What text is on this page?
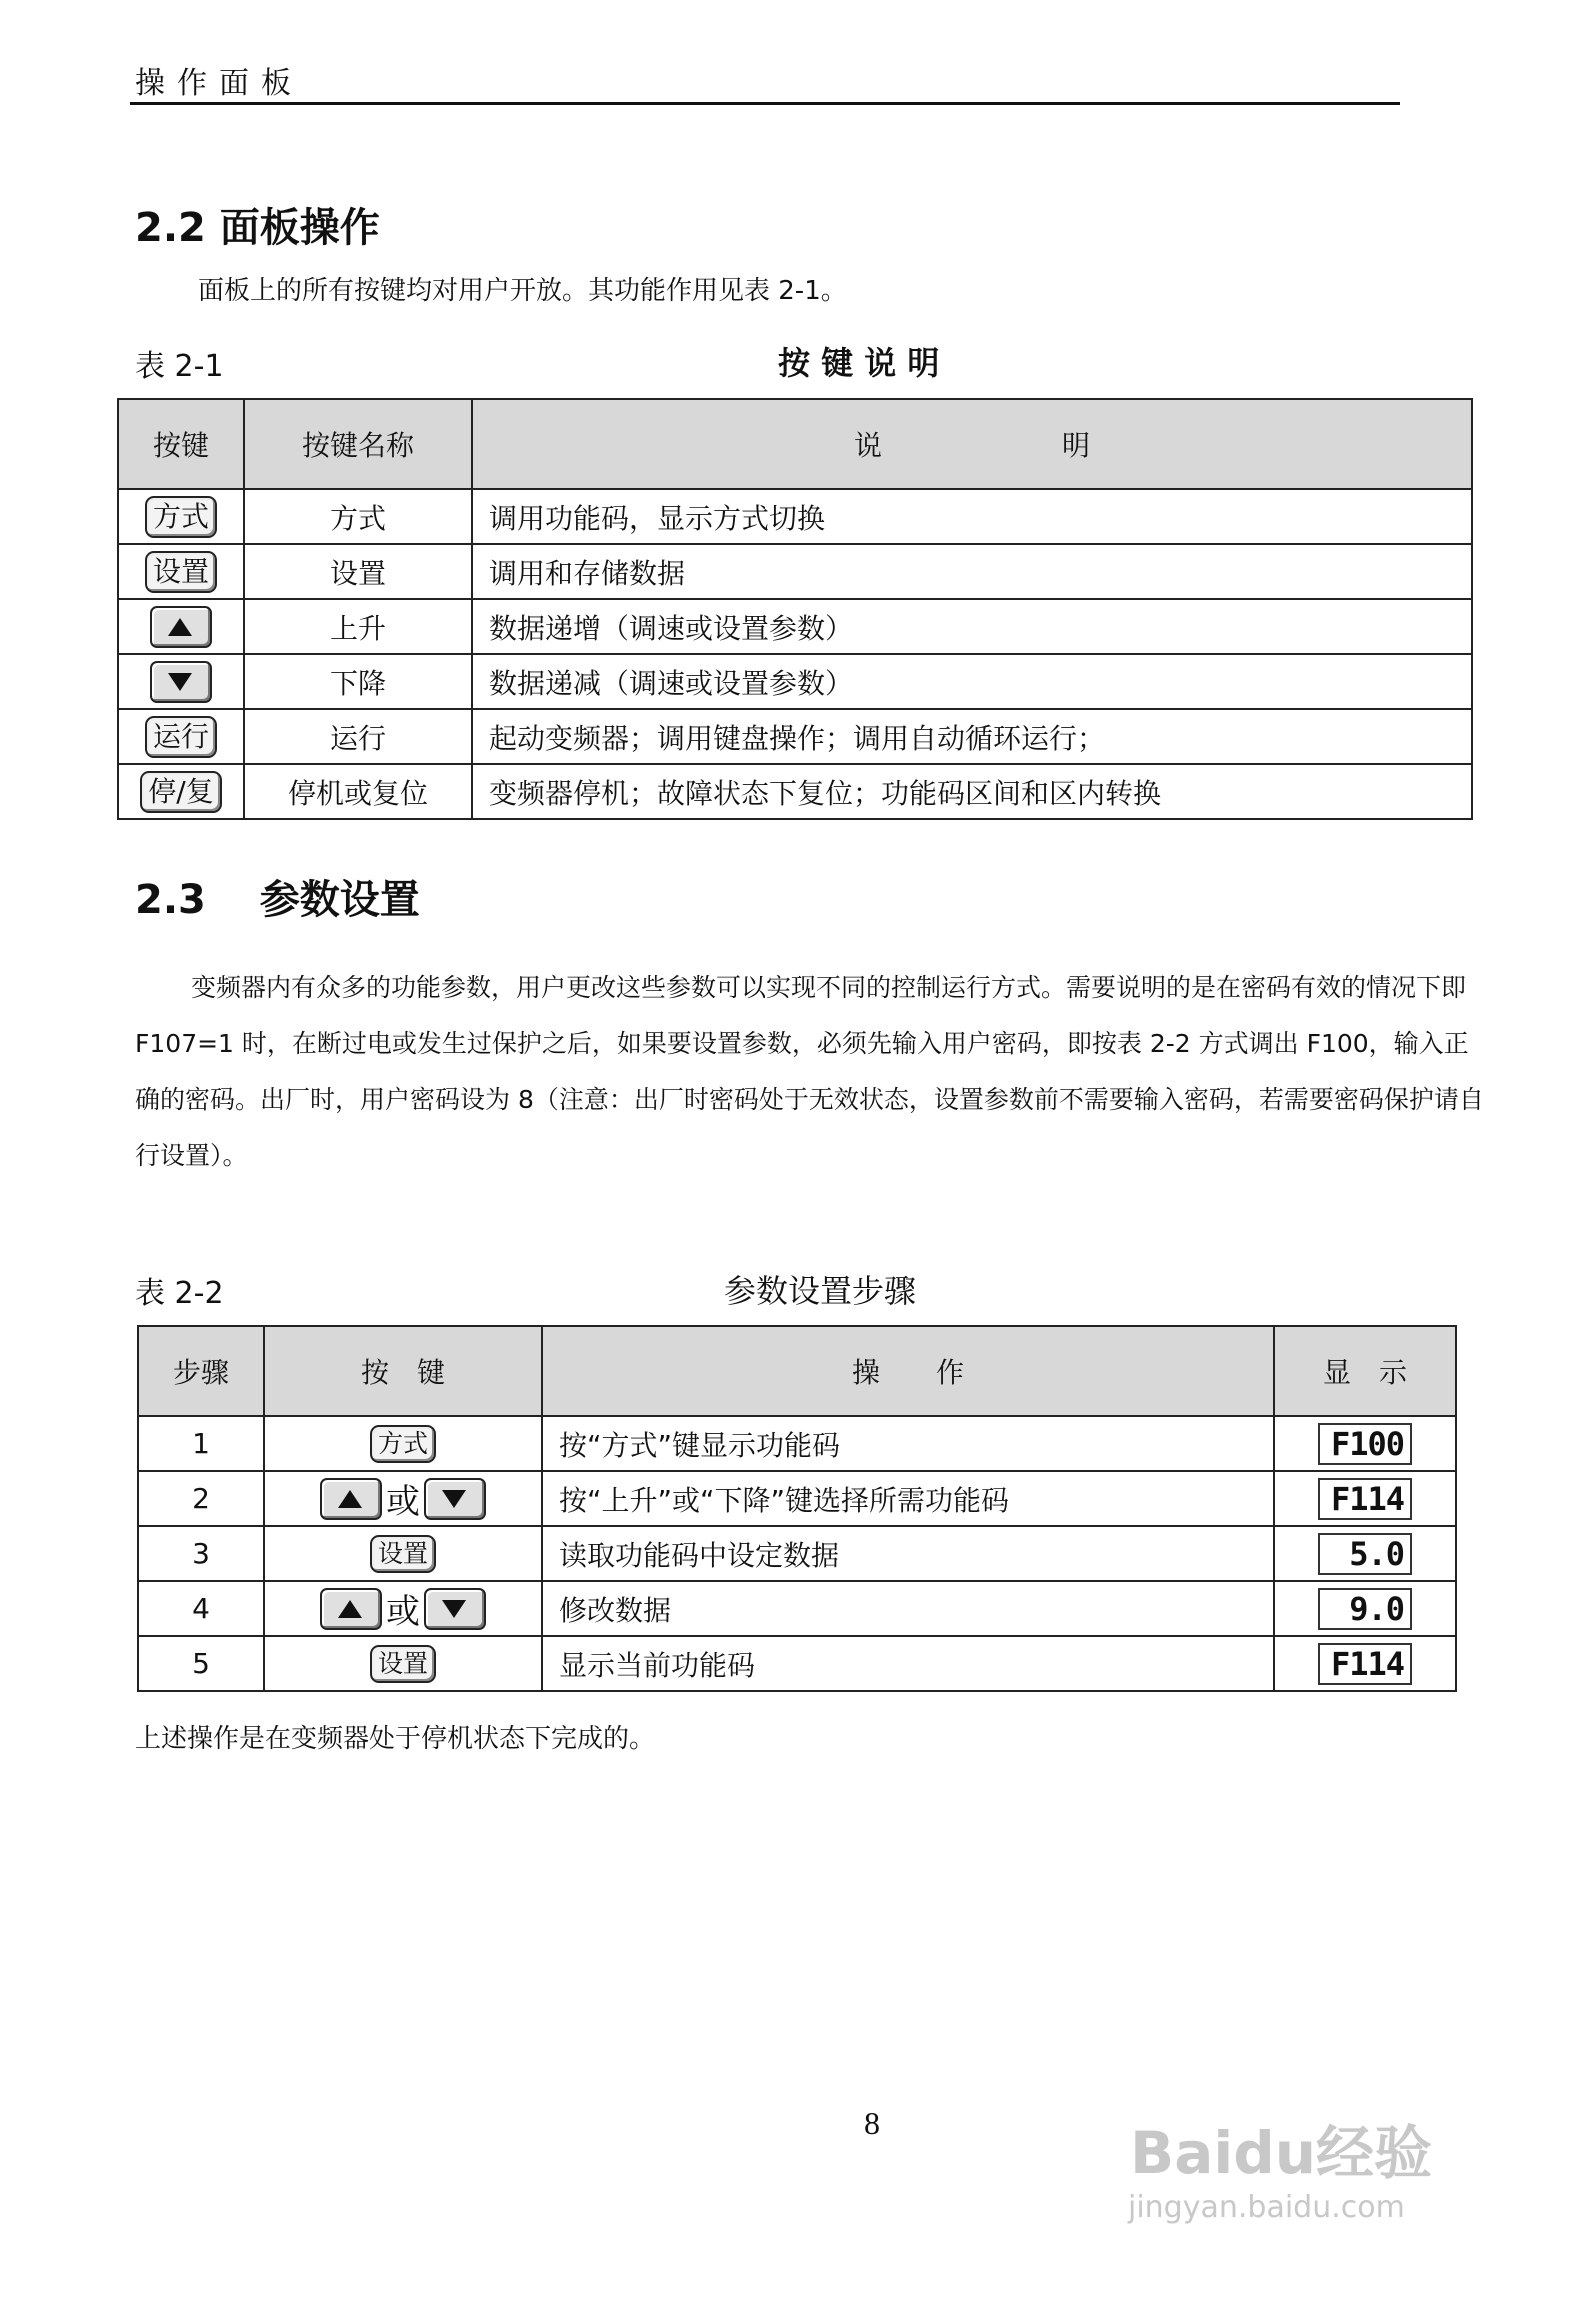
操作面板
2.2 面板操作
面板上的所有按键均对用户开放。其功能作用见表 2-1。
表 2-1	按 键 说 明
按键	按键名称	说 明
方式	方式	调用功能码，显示方式切换
设置	设置	调用和存储数据

	上升	数据递增（调速或设置参数）

	下降	数据递减（调速或设置参数）
运行	运行	起动变频器；调用键盘操作；调用自动循环运行；
停/复	停机或复位	变频器停机；故障状态下复位；功能码区间和区内转换
2.3 参数设置
变频器内有众多的功能参数，用户更改这些参数可以实现不同的控制运行方式。需要说明的是在密码有效的情况下即 F107=1 时，在断过电或发生过保护之后，如果要设置参数，必须先输入用户密码，即按表 2-2 方式调出 F100，输入正确的密码。出厂时，用户密码设为 8（注意：出厂时密码处于无效状态，设置参数前不需要输入密码，若需要密码保护请自行设置）。
表 2-2	参数设置步骤
步骤	按　键	操　　作	显　示
1	方式	按“方式”键显示功能码	F100
2	或	按“上升”或“下降”键选择所需功能码	F114
3	设置	读取功能码中设定数据	5.0
4	或	修改数据	9.0
5	设置	显示当前功能码	F114
上述操作是在变频器处于停机状态下完成的。
8	Baidu经验
jingyan.baidu.com
